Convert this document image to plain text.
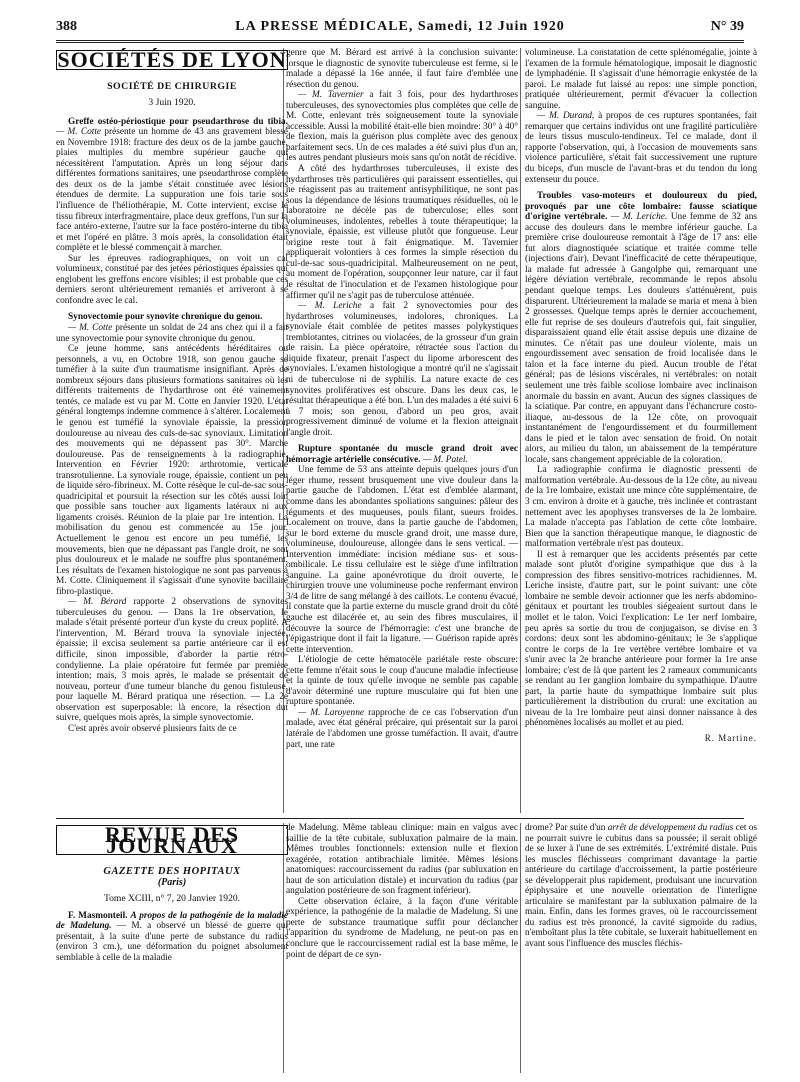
388	LA PRESSE MÉDICALE, Samedi, 12 Juin 1920	N° 39
SOCIÉTÉS DE LYON
SOCIÉTÉ DE CHIRURGIE
3 Juin 1920.

Greffe ostéo-périostique pour pseudarthrose du tibia. — M. Cotte présente un homme de 43 ans gravement blessé en Novembre 1918: fracture des deux os de la jambe gauche, plaies multiples du membre supérieur gauche qui nécessitèrent l'amputation. Après un long séjour dans différentes formations sanitaires, une pseudarthrose complète des deux os de la jambe s'était constituée avec lésions étendues de dermite. La suppuration une fois tarie sous l'influence de l'héliothérapie, M. Cotte intervient, excise le tissu fibreux interfragmentaire, place deux greffons, l'un sur la face antéro-externe, l'autre sur la face postéro-interne du tibia et met l'opéré en plâtre. 3 mois après, la consolidation était complète et le blessé commençait à marcher.

Sur les épreuves radiographiques, on voit un cal volumineux, constitué par des jetées périostiques épaissies qui englobent les greffons encore visibles; il est probable que ces derniers seront ultérieurement remaniés et arriveront à se confondre avec le cal.

Synovectomie pour synovite chronique du genou.

— M. Cotte présente un soldat de 24 ans chez qui il a fait une synovectomie pour synovite chronique du genou.

Ce jeune homme, sans antécédents héréditaires ou personnels, a vu, en Octobre 1918, son genou gauche se tuméfier à la suite d'un traumatisme insignifiant. Après de nombreux séjours dans plusieurs formations sanitaires où les différents traitements de l'hydarthrose ont été vainement tentés, ce malade est vu par M. Cotte en Janvier 1920. L'état général longtemps indemne commence à s'altérer. Localement le genou est tuméfié la synoviale épaissie, la pression douloureuse au niveau des culs-de-sac synoviaux. Limitation des mouvements qui ne dépassent pas 30°. Marche douloureuse. Pas de renseignements à la radiographie. Intervention en Février 1920: arthrotomie, verticale transrotulienne. La synoviale rouge, épaissie, contient un peu de liquide séro-fibrineux. M. Cotte résèque le cul-de-sac sous-quadricipital et poursuit la résection sur les côtés aussi loin que possible sans toucher aux ligaments latéraux ni aux ligaments croisés. Réunion de la plaie par 1re intention. La mobilisation du genou est commencée au 15e jour. Actuellement le genou est encore un peu tuméfié, les mouvements, bien que ne dépassant pas l'angle droit, ne sont plus douloureux et le malade ne souffre plus spontanément. Les résultats de l'examen histologique ne sont pas parvenus à M. Cotte. Cliniquement il s'agissait d'une synovite bacillaire fibro-plastique.

— M. Bérard rapporte 2 observations de synovites tuberculeuses du genou. — Dans la 1re observation, le malade s'était présenté porteur d'un kyste du creux poplité. A l'intervention, M. Bérard trouva la synoviale injectée, épaissie; il excisa seulement sa partie antérieure car il est difficile, sinon impossible, d'aborder la partie rétro-condylienne. La plaie opératoire fut fermée par première intention; mais, 3 mois après, le malade se présentait de nouveau, porteur d'une tumeur blanche du genou fistuleuse, pour laquelle M. Bérard pratiqua une résection. — La 2e observation est superposable: là encore, la résection dut suivre, quelques mois après, la simple synovectomie.

C'est après avoir observé plusieurs faits de ce

genre que M. Bérard est arrivé à la conclusion suivante: lorsque le diagnostic de synovite tuberculeuse est ferme, si le malade a dépassé la 16e année, il faut faire d'emblée une résection du genou.

— M. Tavernier a fait 3 fois, pour des hydarthroses tuberculeuses, des synovectomies plus complètes que celle de M. Cotte, enlevant très soigneusement toute la synoviale accessible. Aussi la mobilité était-elle bien moindre: 30° à 40° de flexion, mais la guérison plus complète avec des genoux parfaitement secs. Un de ces malades a été suivi plus d'un an, les autres pendant plusieurs mois sans qu'on notât de récidive.

A côté des hydarthroses tuberculeuses, il existe des hydarthroses très particulières qui paraissent essentielles, qui ne réagissent pas au traitement antisyphilitique, ne sont pas sous la dépendance de lésions traumatiques résiduelles, où le laboratoire ne décèle pas de tuberculose; elles sont volumineuses, indolentes, rebelles à toute thérapeutique; la synoviale, épaissie, est villeuse plutôt que fongueuse. Leur origine reste tout à fait énigmatique. M. Tavernier appliquerait volontiers à ces formes la simple résection du cul-de-sac sous-quadricipital. Malheureusement on ne peut, au moment de l'opération, soupçonner leur nature, car il faut le résultat de l'inoculation et de l'examen histologique pour affirmer qu'il ne s'agit pas de tuberculose atténuée.

— M. Leriche a fait 2 synovectomies pour des hydarthroses volumineuses, indolores, chroniques. La synoviale était comblée de petites masses polykystiques tremblotantes, citrines ou violacées, de la grosseur d'un grain de raisin. La pièce opératoire, rétractée sous l'action du liquide fixateur, prenait l'aspect du lipome arborescent des synoviales. L'examen histologique a montré qu'il ne s'agissait ni de tuberculose ni de syphilis. La nature exacte de ces synovites prolifératives est obscure. Dans les deux cas, le résultat thérapeutique a été bon. L'un des malades a été suivi 6 à 7 mois; son genou, d'abord un peu gros, avait progressivement diminué de volume et la flexion atteignait l'angle droit.

Rupture spontanée du muscle grand droit avec hémorragie artérielle consécutive. — M. Patel.

Une femme de 53 ans atteinte depuis quelques jours d'un léger rhume, ressent brusquement une vive douleur dans la partie gauche de l'abdomen. L'état est d'emblée alarmant, comme dans les abondantes spoliations sanguines: pâleur des téguments et des muqueuses, pouls filant, sueurs froides. Localement on trouve, dans la partie gauche de l'abdomen, sur le bord externe du muscle grand droit, une masse dure, volumineuse, douloureuse, allongée dans le sens vertical. — Intervention immédiate: incision médiane sus- et sous-ombilicale. Le tissu cellulaire est le siège d'une infiltration sanguine. La gaine aponévrotique du droit ouverte, le chirurgien trouve une volumineuse poche renfermant environ 3/4 de litre de sang mélangé à des caillots. Le contenu évacué, il constate que la partie externe du muscle grand droit du côté gauche est dilacérée et, au sein des fibres musculaires, il découvre la source de l'hémorragie: c'est une branche de l'épigastrique dont il fait la ligature. — Guérison rapide après cette intervention.

L'étiologie de cette hématocèle pariétale reste obscure: cette femme n'était sous le coup d'aucune maladie infectieuse et la quinte de toux qu'elle invoque ne semble pas capable d'avoir déterminé une rupture musculaire qui fut bien une rupture spontanée.

— M. Laroyenne rapproche de ce cas l'observation d'un malade, avec état général précaire, qui présentait sur la paroi latérale de l'abdomen une grosse tuméfaction. Il avait, d'autre part, une rate

volumineuse. La constatation de cette splénomégalie, jointe à l'examen de la formule hématologique, imposait le diagnostic de lymphadénie. Il s'agissait d'une hémorragie enkystée de la paroi. Le malade fut laissé au repos: une simple ponction, pratiquée ultérieurement, permit d'évacuer la collection sanguine.

— M. Durand, à propos de ces ruptures spontanées, fait remarquer que certains individus ont une fragilité particulière de leurs tissus musculo-tendineux. Tel ce malade, dont il rapporte l'observation, qui, à l'occasion de mouvements sans violence particulière, s'était fait successivement une rupture du biceps, d'un muscle de l'avant-bras et du tendon du long extenseur du pouce.

Troubles vaso-moteurs et douloureux du pied, provoqués par une côte lombaire: fausse sciatique d'origine vertébrale. — M. Leriche. Une femme de 32 ans accuse des douleurs dans le membre inférieur gauche. La première crise douloureuse remontait à l'âge de 17 ans: elle fut alors diagnostiquée sciatique et traitée comme telle (injections d'air). Devant l'inefficacité de cette thérapeutique, la malade fut adressée à Gangolphe qui, remarquant une légère déviation vertébrale, recommande le repos absolu pendant quelque temps. Les douleurs s'atténuèrent, puis disparurent. Ultérieurement la malade se maria et mena à bien 2 grossesses. Quelque temps après le dernier accouchement, elle fut reprise de ses douleurs d'autrefois qui, fait singulier, disparaissaient quand elle était assise depuis une dizaine de minutes. Ce n'était pas une douleur violente, mais un engourdissement avec sensation de froid localisée dans le talon et la face interne du pied. Aucun trouble de l'état général; pas de lésions viscérales, ni vertébrales: on notait seulement une très faible scoliose lombaire avec inclinaison anormale du bassin en avant. Aucun des signes classiques de la sciatique. Par contre, en appuyant dans l'échancrure costo-iliaque, au-dessous de la 12e côte, on provoquait instantanément de l'engourdissement et du fourmillement dans le pied et le talon avec sensation de froid. On notait alors, au milieu du talon, un abaissement de la température locale, sans changement appréciable de la coloration.

La radiographie confirma le diagnostic pressenti de malformation vertébrale. Au-dessous de la 12e côte, au niveau de la 1re lombaire, existait une mince côte supplémentaire, de 3 cm. environ à droite et à gauche, très inclinée et contrastant nettement avec les apophyses transverses de la 2e lombaire. La malade n'accepta pas l'ablation de cette côte lombaire. Bien que la sanction thérapeutique manque, le diagnostic de malformation vertébrale n'est pas douteux.

Il est à remarquer que les accidents présentés par cette malade sont plutôt d'origine sympathique que dus à la compression des fibres sensitivo-motrices rachidiennes. M. Leriche insiste, d'autre part, sur le point suivant: une côte lombaire ne semble devoir actionner que les nerfs abdomino-génitaux et pourtant les troubles siégeaient surtout dans le mollet et le talon. Voici l'explication: Le 1er nerf lombaire, peu après sa sortie du trou de conjugaison, se divise en 3 cordons: deux sont les abdomino-génitaux; le 3e s'applique contre le corps de la 1re vertèbre vertébre lombaire et va s'unir avec la 2e branche antérieure pour former la 1re anse lombaire; c'est de là que partent les 2 rameaux communicants se rendant au 1er ganglion lombaire du sympathique. D'autre part, la partie haute du sympathique lombaire suit plus particulièrement la distribution du crural: une excitation au niveau de la 1re lombaire peut ainsi donner naissance à des phénomènes localisés au mollet et au pied.

R. Martine.
REVUE DES JOURNAUX
GAZETTE DES HOPITAUX
(Paris)
Tome XCIII, n° 7, 20 Janvier 1920.

F. Masmonteil. A propos de la pathogénie de la maladie de Madelung. — M. a observé un blessé de guerre qui présentait, à la suite d'une perte de substance du radius (environ 3 cm.), une déformation du poignet absolument semblable à celle de la maladie

de Madelung. Même tableau clinique: main en valgus avec saillie de la tête cubitale, subluxation palmaire de la main. Mêmes troubles fonctionnels: extension nulle et flexion exagérée, rotation antibrachiale limitée. Mêmes lésions anatomiques: raccourcissement du radius (par subluxation en haut de son articulation distale) et incurvation du radius (par angulation postérieure de son fragment inférieur).

Cette observation éclaire, à la façon d'une véritable expérience, la pathogénie de la maladie de Madelung. Si une perte de substance traumatique suffit pour déclancher l'apparition du syndrome de Madelung, ne peut-on pas en conclure que le raccourcissement radial est la base même, le point de départ de ce syn-

drome? Par suite d'un arrêt de développement du radius cet os ne pourrait suivre le cubitus dans sa poussée; il serait obligé de se luxer à l'une de ses extrémités. L'extrémité distale. Puis les muscles fléchisseurs comprimant davantage la partie antérieure du cartilage d'accroissement, la partie postérieure se développerait plus rapidement, produisant une incurvation épiphysaire et une nouvelle orientation de l'interligne articulaire se manifestant par la subluxation palmaire de la main. Enfin, dans les formes graves, où le raccourcissement du radius est très prononcé, la cavité sigmoïde du radius, n'emboîtant plus la tête cubitale, se luxerait habituellement en avant sous l'influence des muscles fléchis-
